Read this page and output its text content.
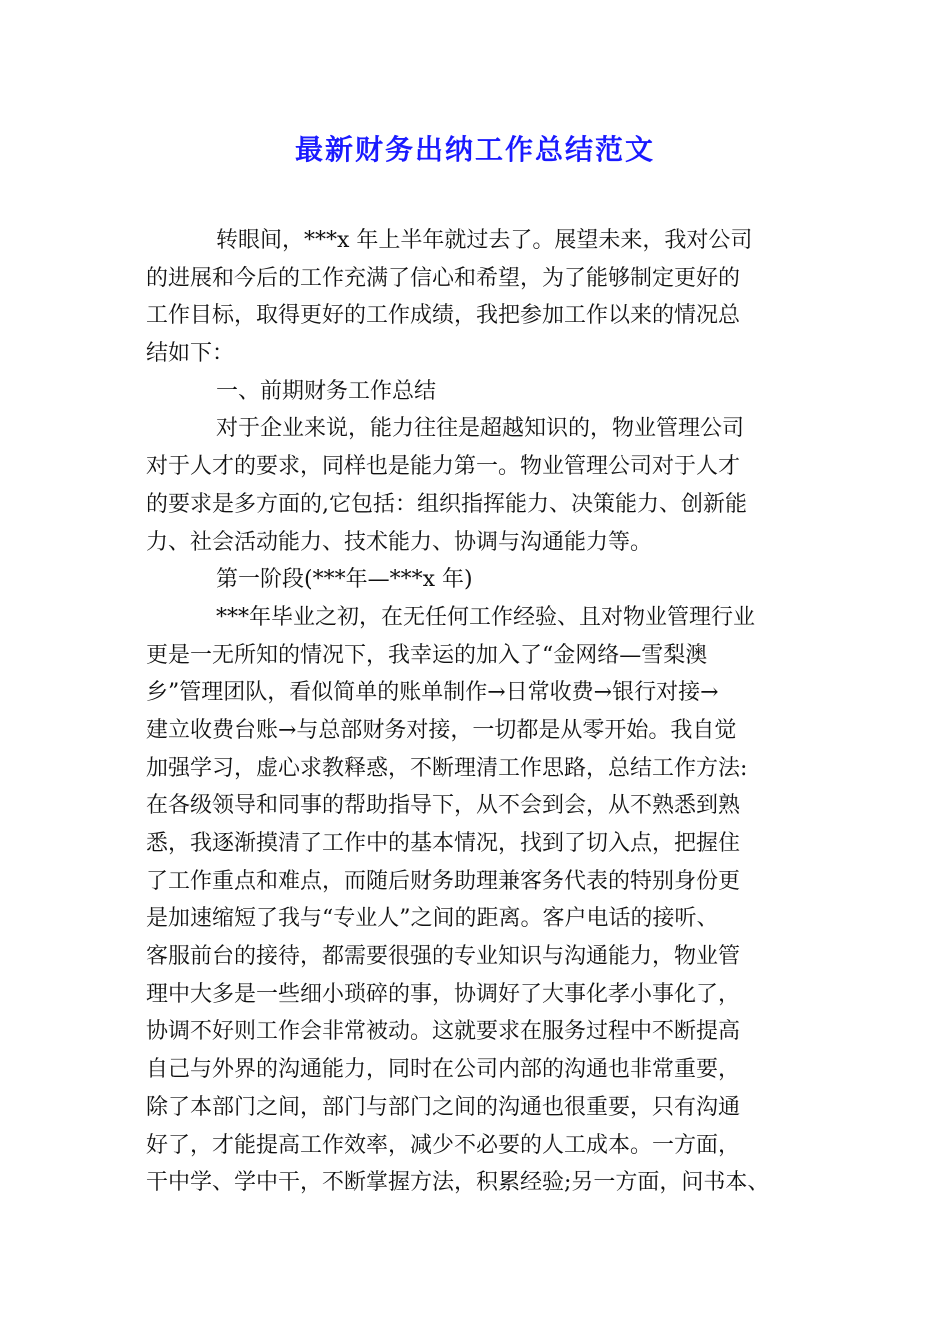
最新财务出纳工作总结范文
转眼间，***x 年上半年就过去了。展望未来，我对公司
的进展和今后的工作充满了信心和希望，为了能够制定更好的
工作目标，取得更好的工作成绩，我把参加工作以来的情况总
结如下：
一、前期财务工作总结
对于企业来说，能力往往是超越知识的，物业管理公司
对于人才的要求，同样也是能力第一。物业管理公司对于人才
的要求是多方面的,它包括：组织指挥能力、决策能力、创新能
力、社会活动能力、技术能力、协调与沟通能力等。
第一阶段(***年—***x 年)
***年毕业之初，在无任何工作经验、且对物业管理行业
更是一无所知的情况下，我幸运的加入了“金网络—雪梨澳
乡”管理团队，看似简单的账单制作→日常收费→银行对接→
建立收费台账→与总部财务对接，一切都是从零开始。我自觉
加强学习，虚心求教释惑，不断理清工作思路，总结工作方法:
在各级领导和同事的帮助指导下，从不会到会，从不熟悉到熟
悉，我逐渐摸清了工作中的基本情况，找到了切入点，把握住
了工作重点和难点，而随后财务助理兼客务代表的特别身份更
是加速缩短了我与“专业人”之间的距离。客户电话的接听、
客服前台的接待，都需要很强的专业知识与沟通能力，物业管
理中大多是一些细小琐碎的事，协调好了大事化孝小事化了，
协调不好则工作会非常被动。这就要求在服务过程中不断提高
自己与外界的沟通能力，同时在公司内部的沟通也非常重要，
除了本部门之间，部门与部门之间的沟通也很重要，只有沟通
好了，才能提高工作效率，减少不必要的人工成本。一方面，
干中学、学中干，不断掌握方法，积累经验;另一方面，问书本、
